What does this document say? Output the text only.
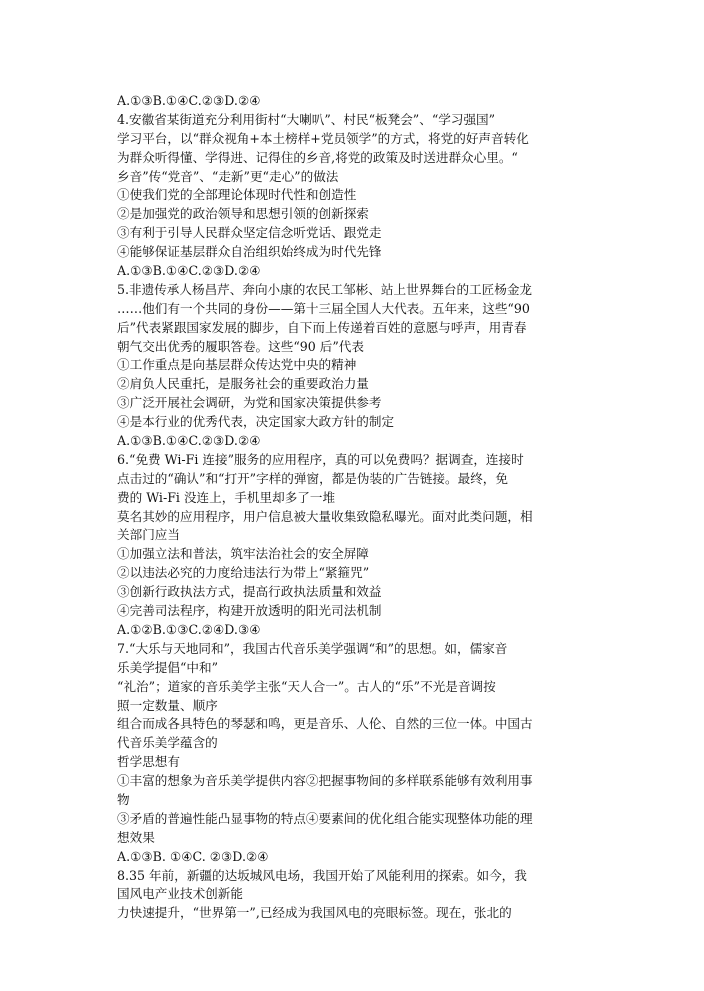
A.①③B.①④C.②③D.②④
4.安徽省某街道充分利用街村“大喇叭”、村民“板凳会”、“学习强国”
学习平台，以“群众视角+本土榜样+党员领学”的方式，将党的好声音转化
为群众听得懂、学得进、记得住的乡音,将党的政策及时送进群众心里。“
乡音”传“党音”、“走新”更“走心”的做法
①使我们党的全部理论体现时代性和创造性
②是加强党的政治领导和思想引领的创新探索
③有利于引导人民群众坚定信念听党话、跟党走
④能够保证基层群众自治组织始终成为时代先锋
A.①③B.①④C.②③D.②④
5.非遗传承人杨昌芹、奔向小康的农民工邹彬、站上世界舞台的工匠杨金龙
……他们有一个共同的身份——第十三届全国人大代表。五年来，这些“90
后”代表紧跟国家发展的脚步，自下而上传递着百姓的意愿与呼声，用青春
朝气交出优秀的履职答卷。这些“90 后”代表
①工作重点是向基层群众传达党中央的精神
②肩负人民重托，是服务社会的重要政治力量
③广泛开展社会调研，为党和国家决策提供参考
④是本行业的优秀代表，决定国家大政方针的制定
A.①③B.①④C.②③D.②④
6.“免费 Wi-Fi 连接”服务的应用程序，真的可以免费吗？据调查，连接时
点击过的“确认”和“打开”字样的弹窗，都是伪装的广告链接。最终，免
费的 Wi-Fi 没连上，手机里却多了一堆
莫名其妙的应用程序，用户信息被大量收集致隐私曝光。面对此类问题，相
关部门应当
①加强立法和普法，筑牢法治社会的安全屏障
②以违法必究的力度给违法行为带上“紧箍咒”
③创新行政执法方式，提高行政执法质量和效益
④完善司法程序，构建开放透明的阳光司法机制
A.①②B.①③C.②④D.③④
7.“大乐与天地同和”，我国古代音乐美学强调“和”的思想。如，儒家音
乐美学提倡“中和”
“礼治”；道家的音乐美学主张“天人合一”。古人的“乐”不光是音调按
照一定数量、顺序
组合而成各具特色的琴瑟和鸣，更是音乐、人伦、自然的三位一体。中国古
代音乐美学蕴含的
哲学思想有
①丰富的想象为音乐美学提供内容②把握事物间的多样联系能够有效利用事
物
③矛盾的普遍性能凸显事物的特点④要素间的优化组合能实现整体功能的理
想效果
A.①③B. ①④C. ②③D.②④
8.35 年前，新疆的达坂城风电场，我国开始了风能利用的探索。如今，我
国风电产业技术创新能
力快速提升，“世界第一”,已经成为我国风电的亮眼标签。现在，张北的
